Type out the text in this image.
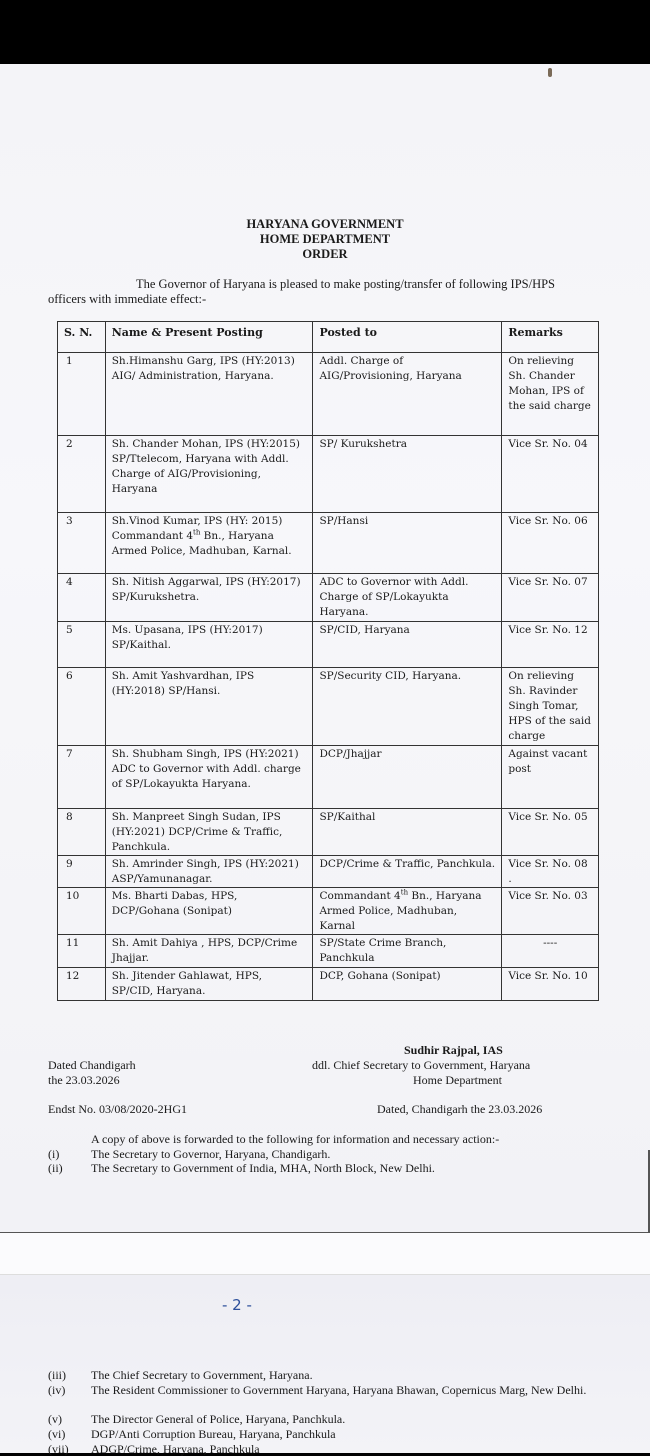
HARYANA GOVERNMENT
HOME DEPARTMENT
ORDER
The Governor of Haryana is pleased to make posting/transfer of following IPS/HPS
officers with immediate effect:-
S. N.	Name & Present Posting	Posted to	Remarks
1	Sh.Himanshu Garg, IPS (HY:2013) AIG/ Administration, Haryana.	Addl. Charge of AIG/Provisioning, Haryana	On relieving Sh. Chander Mohan, IPS of the said charge
2	Sh. Chander Mohan, IPS (HY:2015) SP/Ttelecom, Haryana with Addl. Charge of AIG/Provisioning, Haryana	SP/ Kurukshetra	Vice Sr. No. 04
3	Sh.Vinod Kumar, IPS (HY: 2015) Commandant 4th Bn., Haryana Armed Police, Madhuban, Karnal.	SP/Hansi	Vice Sr. No. 06
4	Sh. Nitish Aggarwal, IPS (HY:2017) SP/Kurukshetra.	ADC to Governor with Addl. Charge of SP/Lokayukta Haryana.	Vice Sr. No. 07
5	Ms. Upasana, IPS (HY:2017) SP/Kaithal.	SP/CID, Haryana	Vice Sr. No. 12
6	Sh. Amit Yashvardhan, IPS (HY:2018) SP/Hansi.	SP/Security CID, Haryana.	On relieving Sh. Ravinder Singh Tomar, HPS of the said charge
7	Sh. Shubham Singh, IPS (HY:2021) ADC to Governor with Addl. charge of SP/Lokayukta Haryana.	DCP/Jhajjar	Against vacant post
8	Sh. Manpreet Singh Sudan, IPS (HY:2021) DCP/Crime & Traffic, Panchkula.	SP/Kaithal	Vice Sr. No. 05
9	Sh. Amrinder Singh, IPS (HY:2021) ASP/Yamunanagar.	DCP/Crime & Traffic, Panchkula.	Vice Sr. No. 08 .
10	Ms. Bharti Dabas, HPS, DCP/Gohana (Sonipat)	Commandant 4th Bn., Haryana Armed Police, Madhuban, Karnal	Vice Sr. No. 03
11	Sh. Amit Dahiya , HPS, DCP/Crime Jhajjar.	SP/State Crime Branch, Panchkula	----
12	Sh. Jitender Gahlawat, HPS, SP/CID, Haryana.	DCP, Gohana (Sonipat)	Vice Sr. No. 10
Sudhir Rajpal, IAS
ddl. Chief Secretary to Government, Haryana
Home Department
Dated Chandigarh
the 23.03.2026
Endst No. 03/08/2020-2HG1	Dated, Chandigarh the 23.03.2026
A copy of above is forwarded to the following for information and necessary action:-
(i)	The Secretary to Governor, Haryana, Chandigarh.
(ii) The Secretary to Government of India, MHA, North Block, New Delhi.
- 2 -
(iii) The Chief Secretary to Government, Haryana.
(iv) The Resident Commissioner to Government Haryana, Haryana Bhawan, Copernicus Marg, New Delhi.
(v) The Director General of Police, Haryana, Panchkula.
(vi) DGP/Anti Corruption Bureau, Haryana, Panchkula
(vii) ADGP/Crime, Haryana, Panchkula
